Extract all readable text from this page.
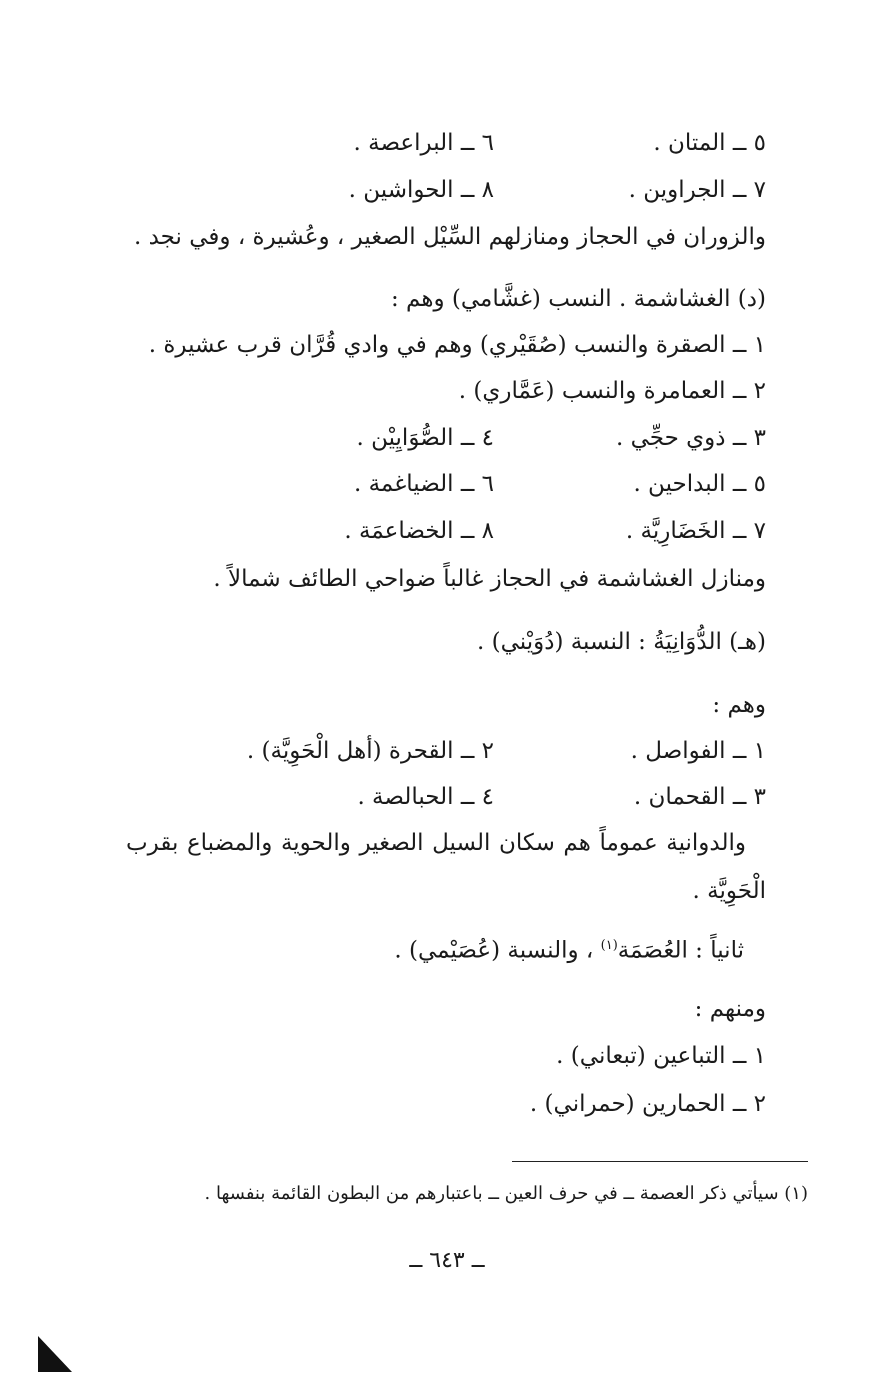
٥ ــ المتان .
٦ ــ البراعصة .
٧ ــ الجراوين .
٨ ــ الحواشين .
والزوران في الحجاز ومنازلهم السِّيْل الصغير ، وعُشيرة ، وفي نجد .
(د) الغشاشمة . النسب (غشَّامي) وهم :
١ ــ الصقرة والنسب (صُقَيْري) وهم في وادي قُرَّان قرب عشيرة .
٢ ــ العمامرة والنسب (عَمَّاري) .
٣ ــ ذوي حجِّي .
٤ ــ الصُّوَايِيْن .
٥ ــ البداحين .
٦ ــ الضياغمة .
٧ ــ الخَضَارِيَّة .
٨ ــ الخضاعمَة .
ومنازل الغشاشمة في الحجاز غالباً ضواحي الطائف شمالاً .
(هـ) الدُّوَانِيَةُ : النسبة (دُوَيْني) .
وهم :
١ ــ الفواصل .
٢ ــ القحرة (أهل الْحَوِيَّة) .
٣ ــ القحمان .
٤ ــ الحبالصة .
والدوانية عموماً هم سكان السيل الصغير والحوية والمضباع بقرب
الْحَوِيَّة .
ثانياً : العُصَمَة$^{(١)}$ ، والنسبة (عُصَيْمي) .
ومنهم :
١ ــ التباعين (تبعاني) .
٢ ــ الحمارين (حمراني) .
(١) سيأتي ذكر العصمة ــ في حرف العين ــ باعتبارهم من البطون القائمة بنفسها .
ــ ٦٤٣ ــ
